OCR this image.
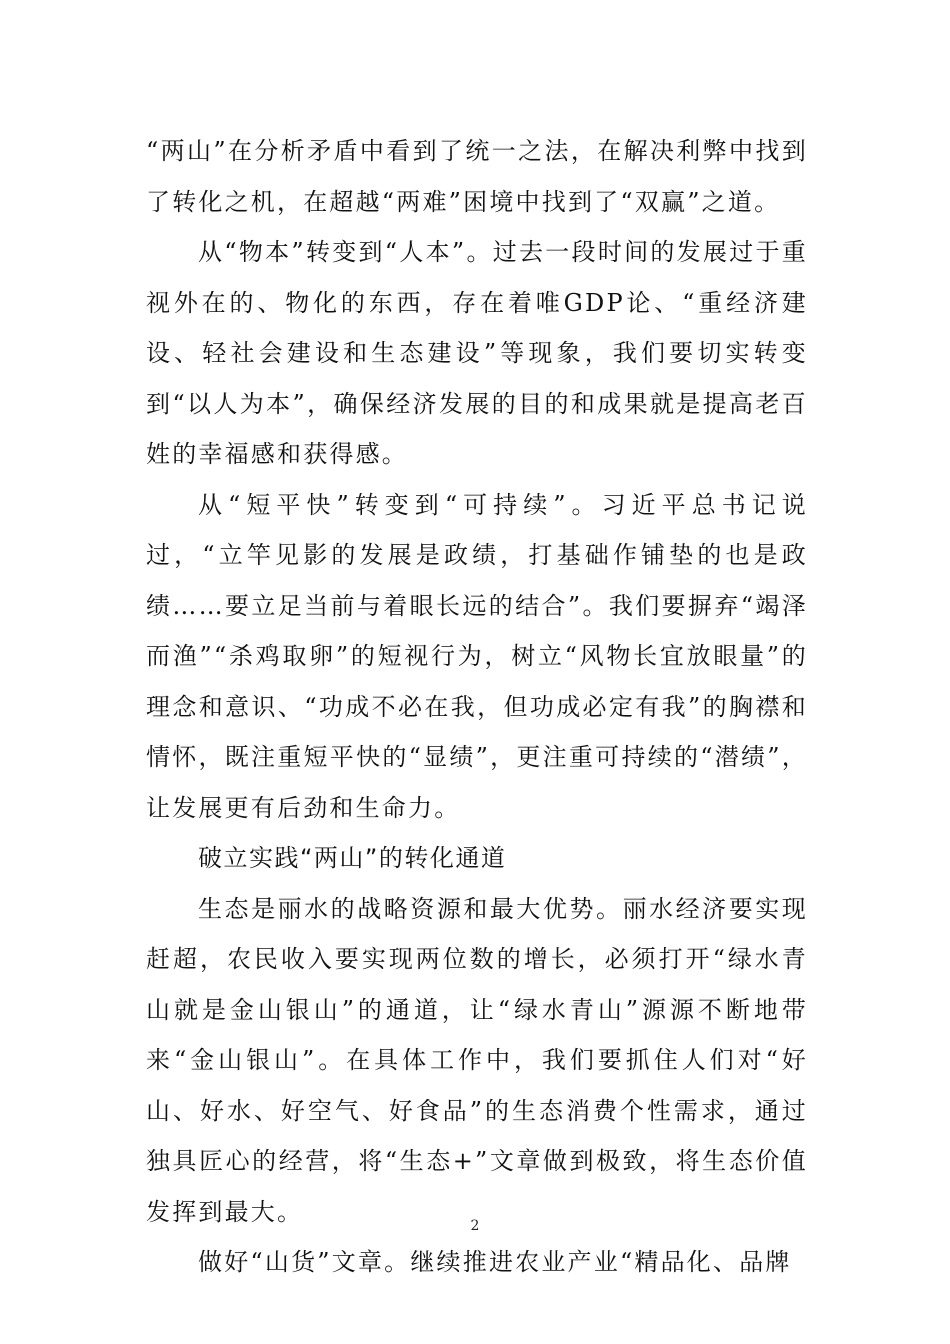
“两山”在分析矛盾中看到了统一之法，在解决利弊中找到了转化之机，在超越“两难”困境中找到了“双赢”之道。

从“物本”转变到“人本”。过去一段时间的发展过于重视外在的、物化的东西，存在着唯GDP论、“重经济建设、轻社会建设和生态建设”等现象，我们要切实转变到“以人为本”，确保经济发展的目的和成果就是提高老百姓的幸福感和获得感。

从“短平快”转变到“可持续”。习近平总书记说过，“立竿见影的发展是政绩，打基础作铺垫的也是政绩……要立足当前与着眼长远的结合”。我们要摒弃“竭泽而渔”“杀鸡取卵”的短视行为，树立“风物长宜放眼量”的理念和意识、“功成不必在我，但功成必定有我”的胸襟和情怀，既注重短平快的“显绩”，更注重可持续的“潜绩”，让发展更有后劲和生命力。

破立实践“两山”的转化通道

生态是丽水的战略资源和最大优势。丽水经济要实现赶超，农民收入要实现两位数的增长，必须打开“绿水青山就是金山银山”的通道，让“绿水青山”源源不断地带来“金山银山”。在具体工作中，我们要抓住人们对“好山、好水、好空气、好食品”的生态消费个性需求，通过独具匠心的经营，将“生态+”文章做到极致，将生态价值发挥到最大。

做好“山货”文章。继续推进农业产业“精品化、品牌

2
